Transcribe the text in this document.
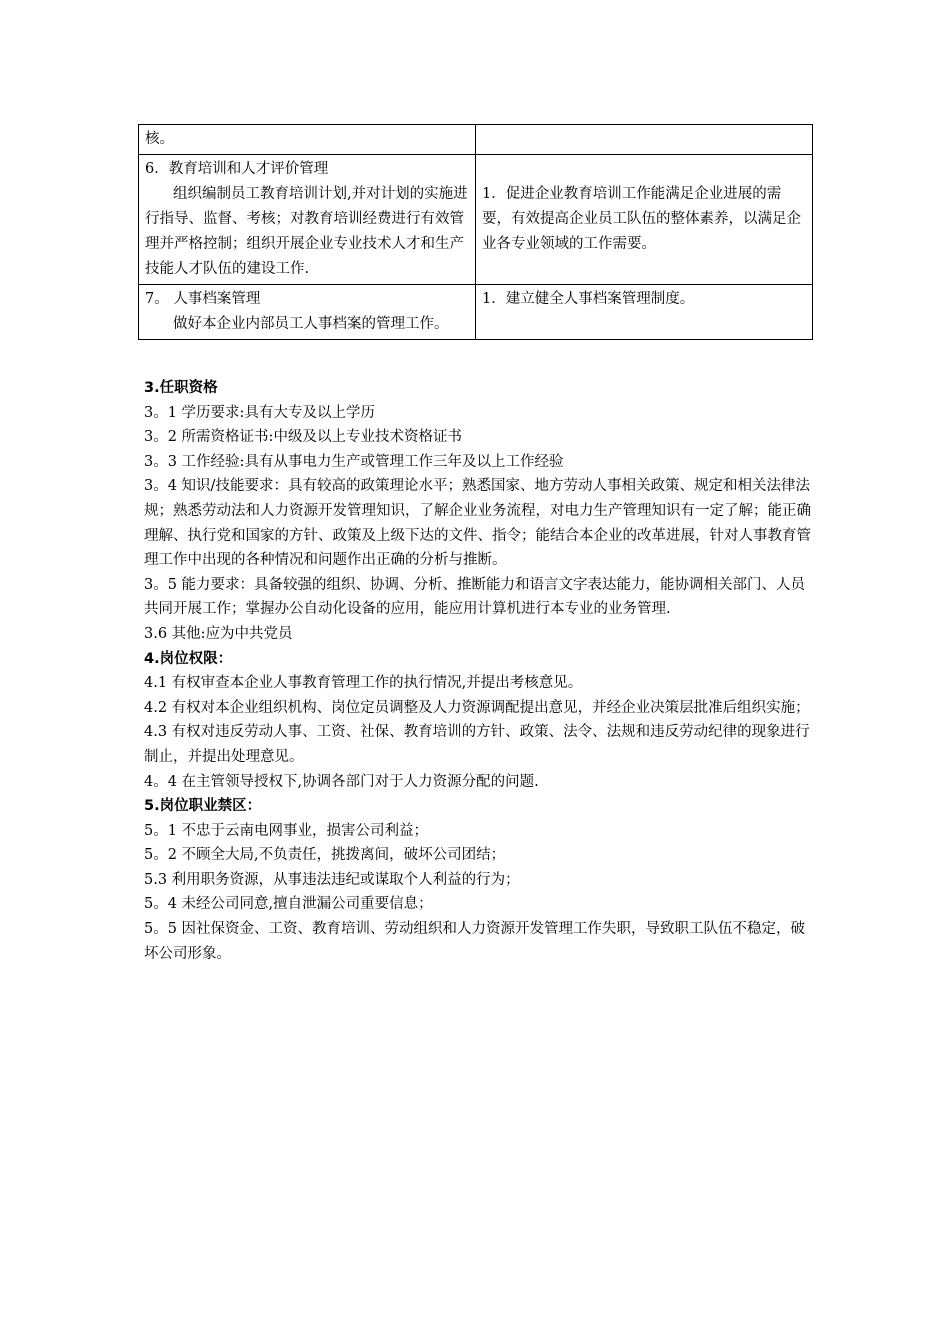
核。	

6．教育培训和人才评价管理

组织编制员工教育培训计划,并对计划的实施进行指导、监督、考核；对教育培训经费进行有效管理并严格控制；组织开展企业专业技术人才和生产技能人才队伍的建设工作.	1．促进企业教育培训工作能满足企业进展的需要，有效提高企业员工队伍的整体素养，以满足企业各专业领域的工作需要。

7。 人事档案管理

做好本企业内部员工人事档案的管理工作。	1．建立健全人事档案管理制度。

3.任职资格

3。1 学历要求:具有大专及以上学历

3。2 所需资格证书:中级及以上专业技术资格证书

3。3 工作经验:具有从事电力生产或管理工作三年及以上工作经验

3。4 知识/技能要求：具有较高的政策理论水平；熟悉国家、地方劳动人事相关政策、规定和相关法律法规；熟悉劳动法和人力资源开发管理知识，了解企业业务流程，对电力生产管理知识有一定了解；能正确理解、执行党和国家的方针、政策及上级下达的文件、指令；能结合本企业的改革进展，针对人事教育管理工作中出现的各种情况和问题作出正确的分析与推断。

3。5 能力要求：具备较强的组织、协调、分析、推断能力和语言文字表达能力，能协调相关部门、人员共同开展工作；掌握办公自动化设备的应用，能应用计算机进行本专业的业务管理.

3.6 其他:应为中共党员

4.岗位权限：

4.1 有权审查本企业人事教育管理工作的执行情况,并提出考核意见。

4.2 有权对本企业组织机构、岗位定员调整及人力资源调配提出意见，并经企业决策层批准后组织实施；

4.3 有权对违反劳动人事、工资、社保、教育培训的方针、政策、法令、法规和违反劳动纪律的现象进行制止，并提出处理意见。

4。4 在主管领导授权下,协调各部门对于人力资源分配的问题.

5.岗位职业禁区：

5。1 不忠于云南电网事业，损害公司利益；

5。2 不顾全大局,不负责任，挑拨离间，破坏公司团结；

5.3 利用职务资源，从事违法违纪或谋取个人利益的行为；

5。4 未经公司同意,擅自泄漏公司重要信息；

5。5 因社保资金、工资、教育培训、劳动组织和人力资源开发管理工作失职，导致职工队伍不稳定，破坏公司形象。
